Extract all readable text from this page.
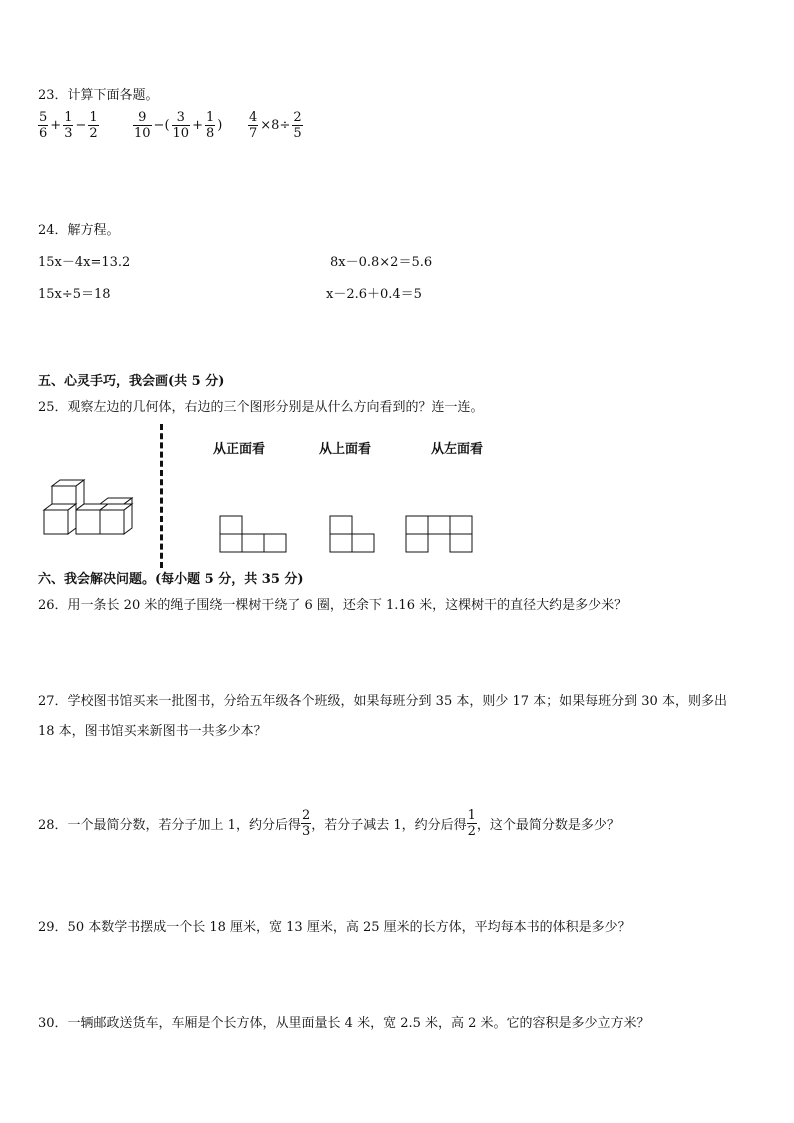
23．计算下面各题。
$\frac{5}{6} + \frac{1}{3} - \frac{1}{2}$	$\frac{9}{10}$ −( $\frac{3}{10} + \frac{1}{8}$ ) $\frac{4}{7} \times 8\div \frac{2}{5}$
24．解方程。
15x－4x=13.2	8x－0.8×2＝5.6
15x÷5＝18	x－2.6＋0.4＝5
五、心灵手巧，我会画(共 5 分)
25．观察左边的几何体，右边的三个图形分别是从什么方向看到的？连一连。
从正面看	从上面看	从左面看
六、我会解决问题。(每小题 5 分，共 35 分)
26．用一条长 20 米的绳子围绕一棵树干绕了 6 圈，还余下 1.16 米，这棵树干的直径大约是多少米？
27．学校图书馆买来一批图书，分给五年级各个班级，如果每班分到 35 本，则少 17 本；如果每班分到 30 本，则多出
18 本，图书馆买来新图书一共多少本？
28．一个最简分数，若分子加上 1，约分后得 $\frac{2}{3}$ ，若分子减去 1，约分后得 $\frac{1}{2}$ ，这个最简分数是多少？
29．50 本数学书摆成一个长 18 厘米，宽 13 厘米，高 25 厘米的长方体，平均每本书的体积是多少？
30．一辆邮政送货车，车厢是个长方体，从里面量长 4 米，宽 2.5 米，高 2 米。它的容积是多少立方米？
